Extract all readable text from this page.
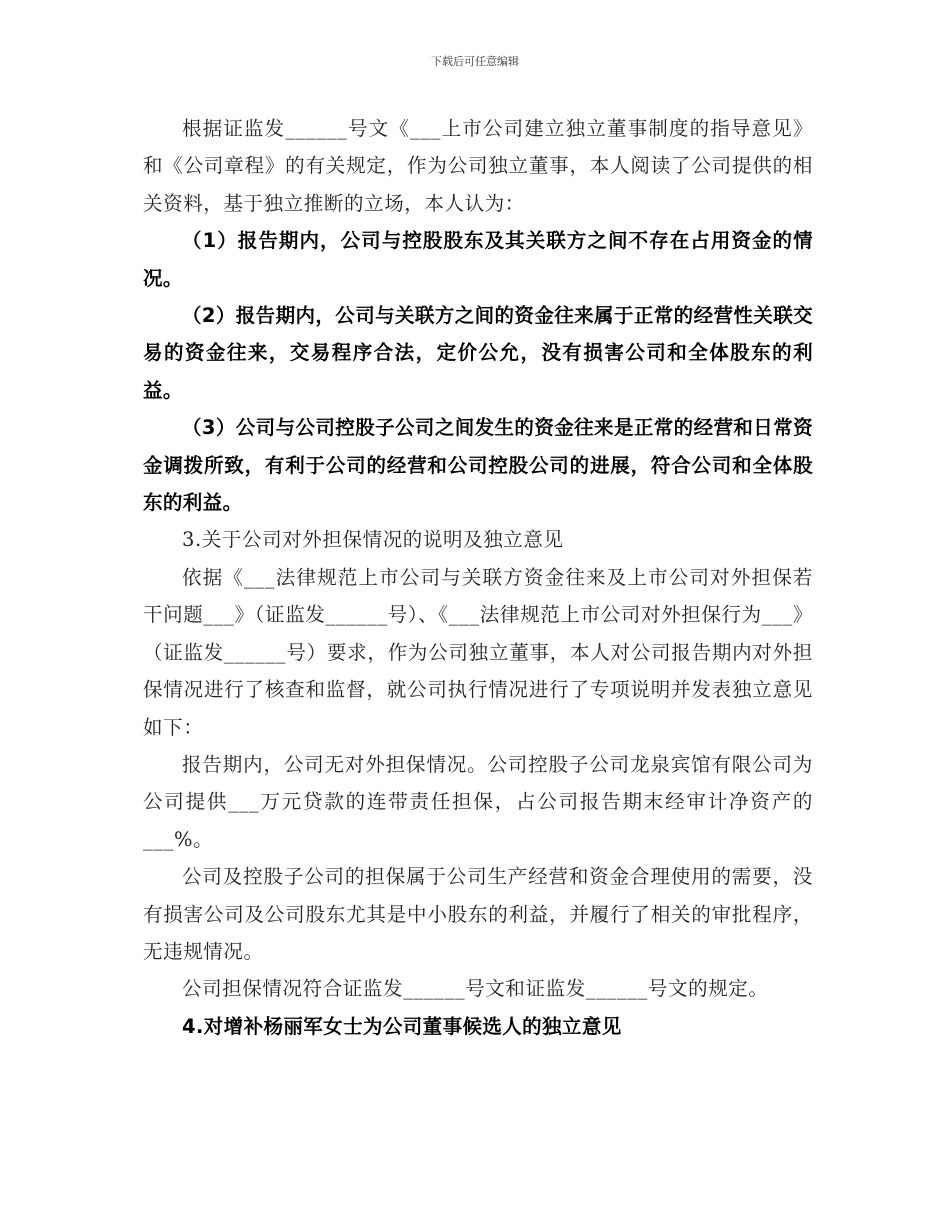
下载后可任意编辑

根据证监发______号文《___上市公司建立独立董事制度的指导意见》和《公司章程》的有关规定，作为公司独立董事，本人阅读了公司提供的相关资料，基于独立推断的立场，本人认为：

（1）报告期内，公司与控股股东及其关联方之间不存在占用资金的情况。

（2）报告期内，公司与关联方之间的资金往来属于正常的经营性关联交易的资金往来，交易程序合法，定价公允，没有损害公司和全体股东的利益。

（3）公司与公司控股子公司之间发生的资金往来是正常的经营和日常资金调拨所致，有利于公司的经营和公司控股公司的进展，符合公司和全体股东的利益。

3.关于公司对外担保情况的说明及独立意见

依据《___法律规范上市公司与关联方资金往来及上市公司对外担保若干问题___》（证监发______号）、《___法律规范上市公司对外担保行为___》（证监发______号）要求，作为公司独立董事，本人对公司报告期内对外担保情况进行了核查和监督，就公司执行情况进行了专项说明并发表独立意见如下：

报告期内，公司无对外担保情况。公司控股子公司龙泉宾馆有限公司为公司提供___万元贷款的连带责任担保，占公司报告期末经审计净资产的___%。

公司及控股子公司的担保属于公司生产经营和资金合理使用的需要，没有损害公司及公司股东尤其是中小股东的利益，并履行了相关的审批程序，无违规情况。

公司担保情况符合证监发______号文和证监发______号文的规定。

4.对增补杨丽军女士为公司董事候选人的独立意见
